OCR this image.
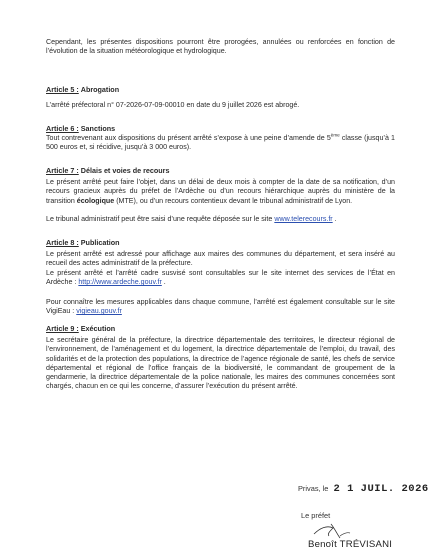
Cependant, les présentes dispositions pourront être prorogées, annulées ou renforcées en fonction de l’évolution de la situation météorologique et hydrologique.

Article 5 : Abrogation

L’arrêté préfectoral n° 07-2026-07-09-00010 en date du 9 juillet 2026 est abrogé.

Article 6 : Sanctions

Tout contrevenant aux dispositions du présent arrêté s’expose à une peine d’amende de 5ème classe (jusqu’à 1 500 euros et, si récidive, jusqu’à 3 000 euros).

Article 7 : Délais et voies de recours

Le présent arrêté peut faire l’objet, dans un délai de deux mois à compter de la date de sa notification, d’un recours gracieux auprès du préfet de l’Ardèche ou d’un recours hiérarchique auprès du ministère de la transition écologique (MTE), ou d’un recours contentieux devant le tribunal administratif de Lyon.

Le tribunal administratif peut être saisi d’une requête déposée sur le site www.telerecours.fr .

Article 8 : Publication

Le présent arrêté est adressé pour affichage aux maires des communes du département, et sera inséré au recueil des actes administratif de la préfecture.

Le présent arrêté et l’arrêté cadre susvisé sont consultables sur le site internet des services de l’État en Ardèche : http://www.ardeche.gouv.fr .

Pour connaître les mesures applicables dans chaque commune, l’arrêté est également consultable sur le site VigiEau : vigieau.gouv.fr

Article 9 : Exécution

Le secrétaire général de la préfecture, la directrice départementale des territoires, le directeur régional de l’environnement, de l’aménagement et du logement, la directrice départementale de l’emploi, du travail, des solidarités et de la protection des populations, la directrice de l’agence régionale de santé, les chefs de service départemental et régional de l’office français de la biodiversité, le commandant de groupement de la gendarmerie, la directrice départementale de la police nationale, les maires des communes concernées sont chargés, chacun en ce qui les concerne, d’assurer l’exécution du présent arrêté.

Privas, le 2 1 JUIL. 2026
Le préfet
Benoît TRÉVISANI
